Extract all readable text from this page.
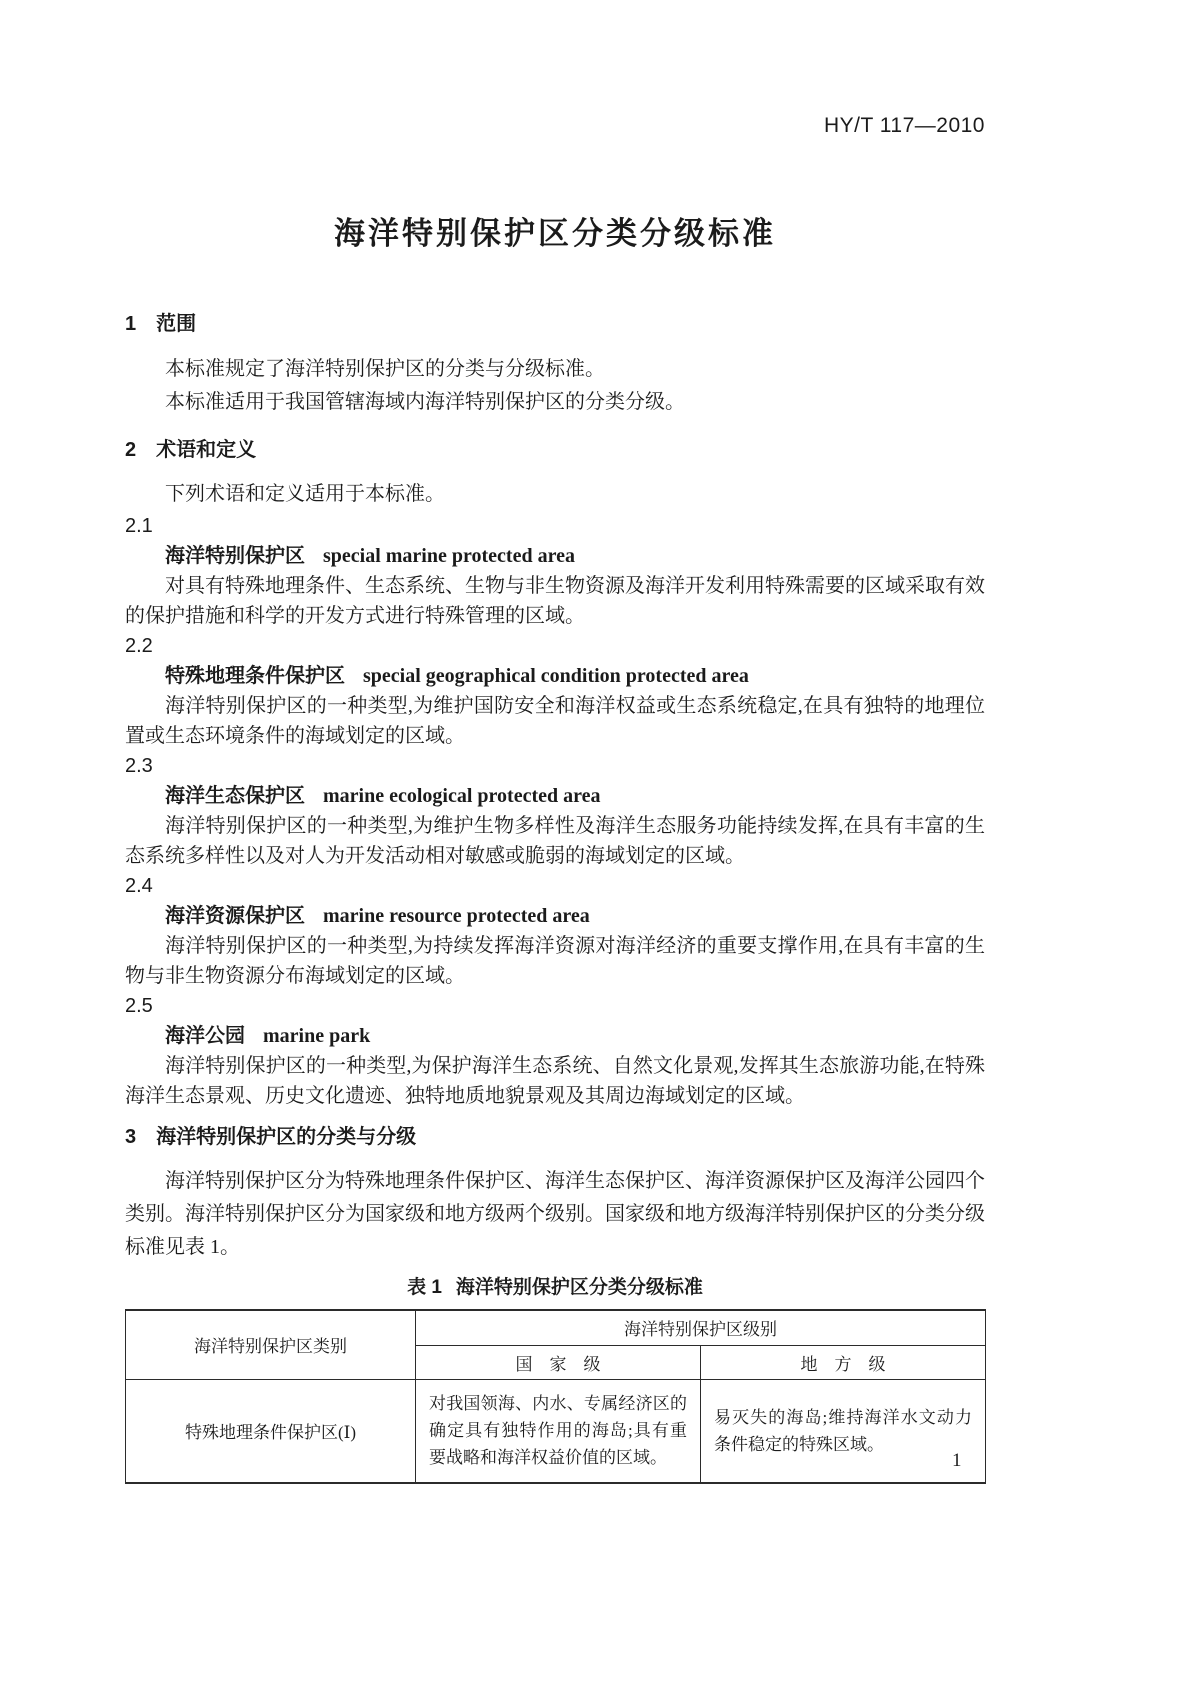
HY/T 117—2010
海洋特别保护区分类分级标准
1 范围

本标准规定了海洋特别保护区的分类与分级标准。

本标准适用于我国管辖海域内海洋特别保护区的分类分级。

2 术语和定义

下列术语和定义适用于本标准。

2.1
海洋特别保护区 special marine protected area

对具有特殊地理条件、生态系统、生物与非生物资源及海洋开发利用特殊需要的区域采取有效的保护措施和科学的开发方式进行特殊管理的区域。

2.2
特殊地理条件保护区 special geographical condition protected area

海洋特别保护区的一种类型,为维护国防安全和海洋权益或生态系统稳定,在具有独特的地理位置或生态环境条件的海域划定的区域。

2.3
海洋生态保护区 marine ecological protected area

海洋特别保护区的一种类型,为维护生物多样性及海洋生态服务功能持续发挥,在具有丰富的生态系统多样性以及对人为开发活动相对敏感或脆弱的海域划定的区域。

2.4
海洋资源保护区 marine resource protected area

海洋特别保护区的一种类型,为持续发挥海洋资源对海洋经济的重要支撑作用,在具有丰富的生物与非生物资源分布海域划定的区域。

2.5
海洋公园 marine park

海洋特别保护区的一种类型,为保护海洋生态系统、自然文化景观,发挥其生态旅游功能,在特殊海洋生态景观、历史文化遗迹、独特地质地貌景观及其周边海域划定的区域。

3 海洋特别保护区的分类与分级

海洋特别保护区分为特殊地理条件保护区、海洋生态保护区、海洋资源保护区及海洋公园四个类别。海洋特别保护区分为国家级和地方级两个级别。国家级和地方级海洋特别保护区的分类分级标准见表 1。

表 1 海洋特别保护区分类分级标准
海洋特别保护区类别	海洋特别保护区级别	
	国　家　级	地　方　级
特殊地理条件保护区(Ⅰ)	对我国领海、内水、专属经济区的确定具有独特作用的海岛;具有重要战略和海洋权益价值的区域。	易灭失的海岛;维持海洋水文动力条件稳定的特殊区域。
1
